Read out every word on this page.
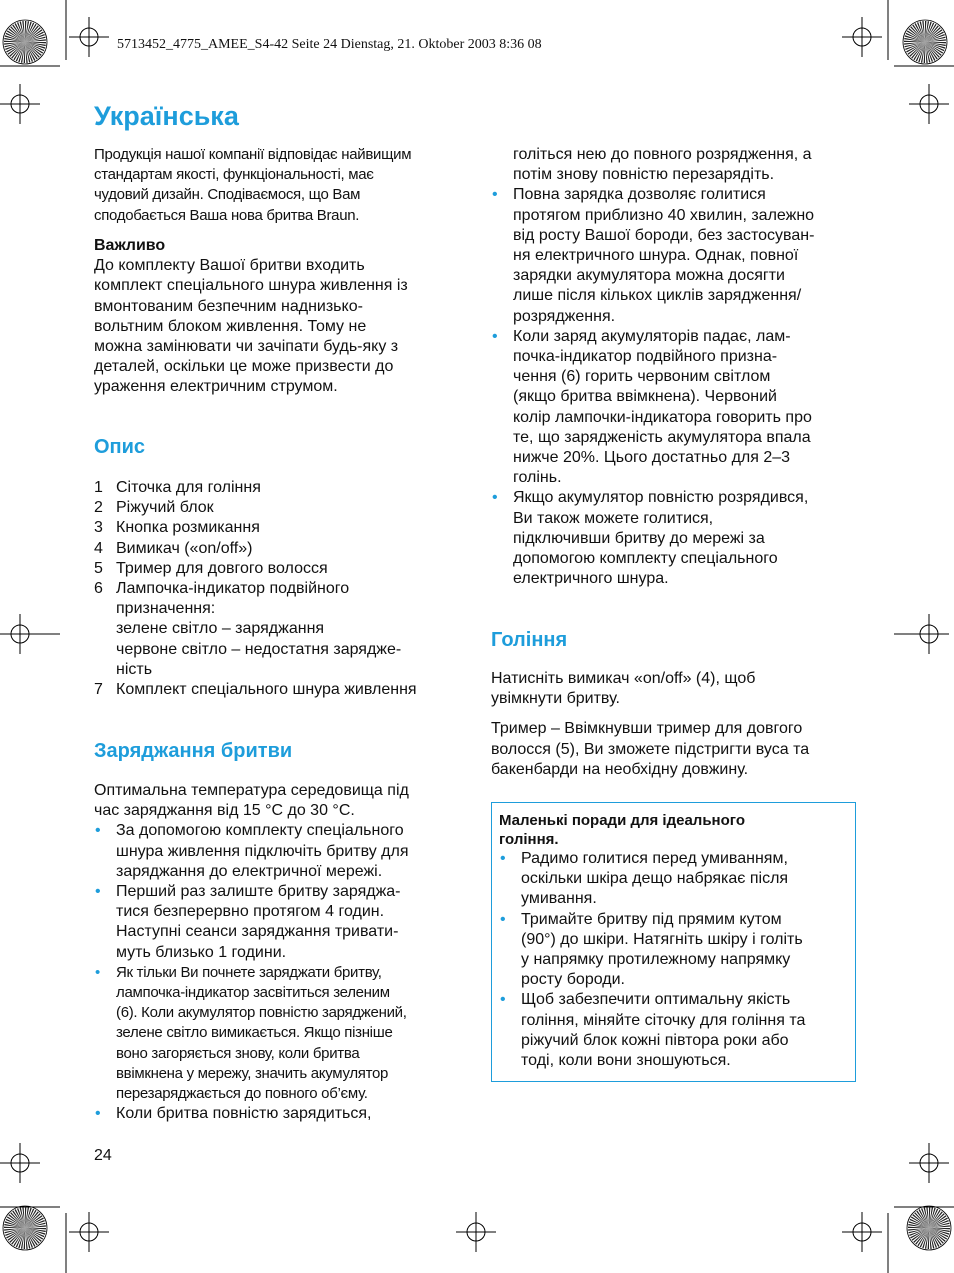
5713452_4775_AMEE_S4-42 Seite 24 Dienstag, 21. Oktober 2003 8:36 08
Українська

Продукція нашої компанії відповідає найвищим

стандартам якості, функціональності, має

чудовий дизайн. Сподіваємося, що Вам

сподобається Ваша нова бритва Braun.

Важливо

До комплекту Вашої бритви входить

комплект спеціального шнура живлення із

вмонтованим безпечним наднизько-

вольтним блоком живлення. Тому не

можна замінювати чи зачіпати будь-яку з

деталей, оскільки це може призвести до

ураження електричним струмом.

Опис
1 Сіточка для гоління

2 Ріжучий блок

3 Кнопка розмикання

4 Вимикач («on/off»)

5 Тример для довгого волосся

6 Лампочка-індикатор подвійного

призначення:

зелене світло – заряджання

червоне світло – недостатня зарядже-

ність

7 Комплект спеціального шнура живлення

Заряджання бритви

Оптимальна температура середовища під

час заряджання від 15 °C до 30 °C.

• За допомогою комплекту спеціального

шнура живлення підключіть бритву для

заряджання до електричної мережі.

• Перший раз залиште бритву заряджа-

тися безперервно протягом 4 годин.

Наступні сеанси заряджання тривати-

муть близько 1 години.

• Як тільки Ви почнете заряджати бритву,

лампочка-індикатор засвітиться зеленим

(6). Коли акумулятор повністю заряджений,

зелене світло вимикається. Якщо пізніше

воно загоряється знову, коли бритва

ввімкнена у мережу, значить акумулятор

перезаряджається до повного об’єму.

• Коли бритва повністю зарядиться,

24

голіться нею до повного розрядження, а

потім знову повністю перезарядіть.

• Повна зарядка дозволяє голитися

протягом приблизно 40 хвилин, залежно

від росту Вашої бороди, без застосуван-

ня електричного шнура. Однак, повної

зарядки акумулятора можна досягти

лише після кількох циклів зарядження/

розрядження.

• Коли заряд акумуляторів падає, лам-

почка-індикатор подвійного призна-

чення (6) горить червоним світлом

(якщо бритва ввімкнена). Червоний

колір лампочки-індикатора говорить про

те, що зарядженість акумулятора впала

нижче 20%. Цього достатньо для 2–3

голінь.

• Якщо акумулятор повністю розрядився,

Ви також можете голитися,

підключивши бритву до мережі за

допомогою комплекту спеціального

електричного шнура.

Гоління

Натисніть вимикач «on/off» (4), щоб

увімкнути бритву.

Тример – Ввімкнувши тример для довгого

волосся (5), Ви зможете підстригти вуса та

бакенбарди на необхідну довжину.

Маленькі поради для ідеального

гоління.

• Радимо голитися перед умиванням,

оскільки шкіра дещо набрякає після

умивання.

• Тримайте бритву під прямим кутом

(90°) до шкіри. Натягніть шкіру і голіть

у напрямку протилежному напрямку

росту бороди.

• Щоб забезпечити оптимальну якість

гоління, міняйте сіточку для гоління та

ріжучий блок кожні півтора роки або

тоді, коли вони зношуються.
